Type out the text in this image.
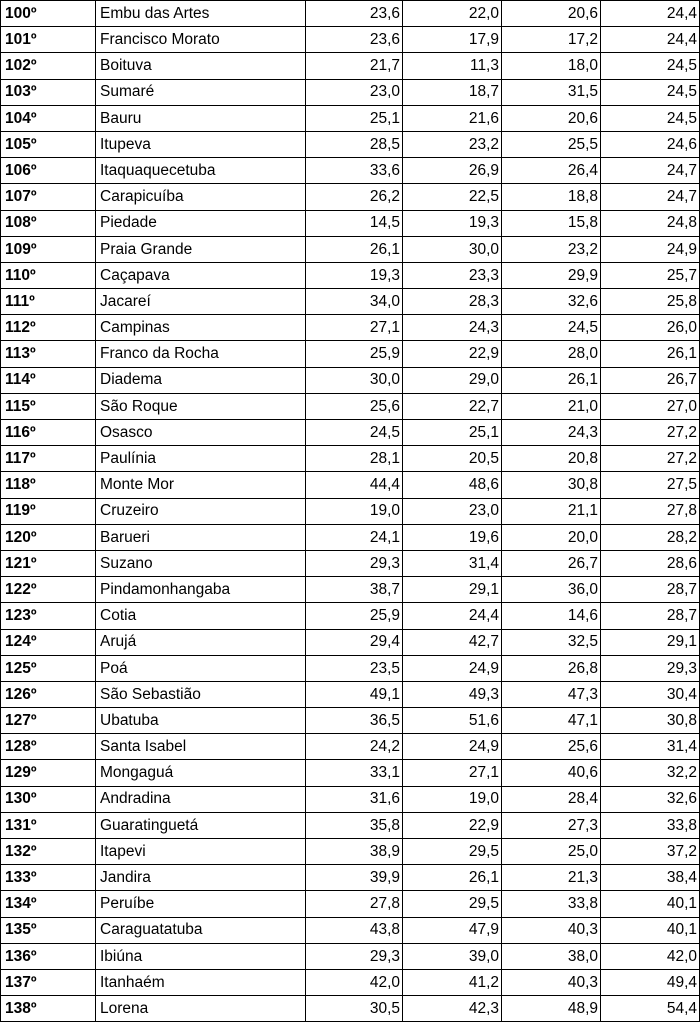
100º	Embu das Artes	23,6	22,0	20,6	24,4
101º	Francisco Morato	23,6	17,9	17,2	24,4
102º	Boituva	21,7	11,3	18,0	24,5
103º	Sumaré	23,0	18,7	31,5	24,5
104º	Bauru	25,1	21,6	20,6	24,5
105º	Itupeva	28,5	23,2	25,5	24,6
106º	Itaquaquecetuba	33,6	26,9	26,4	24,7
107º	Carapicuíba	26,2	22,5	18,8	24,7
108º	Piedade	14,5	19,3	15,8	24,8
109º	Praia Grande	26,1	30,0	23,2	24,9
110º	Caçapava	19,3	23,3	29,9	25,7
111º	Jacareí	34,0	28,3	32,6	25,8
112º	Campinas	27,1	24,3	24,5	26,0
113º	Franco da Rocha	25,9	22,9	28,0	26,1
114º	Diadema	30,0	29,0	26,1	26,7
115º	São Roque	25,6	22,7	21,0	27,0
116º	Osasco	24,5	25,1	24,3	27,2
117º	Paulínia	28,1	20,5	20,8	27,2
118º	Monte Mor	44,4	48,6	30,8	27,5
119º	Cruzeiro	19,0	23,0	21,1	27,8
120º	Barueri	24,1	19,6	20,0	28,2
121º	Suzano	29,3	31,4	26,7	28,6
122º	Pindamonhangaba	38,7	29,1	36,0	28,7
123º	Cotia	25,9	24,4	14,6	28,7
124º	Arujá	29,4	42,7	32,5	29,1
125º	Poá	23,5	24,9	26,8	29,3
126º	São Sebastião	49,1	49,3	47,3	30,4
127º	Ubatuba	36,5	51,6	47,1	30,8
128º	Santa Isabel	24,2	24,9	25,6	31,4
129º	Mongaguá	33,1	27,1	40,6	32,2
130º	Andradina	31,6	19,0	28,4	32,6
131º	Guaratinguetá	35,8	22,9	27,3	33,8
132º	Itapevi	38,9	29,5	25,0	37,2
133º	Jandira	39,9	26,1	21,3	38,4
134º	Peruíbe	27,8	29,5	33,8	40,1
135º	Caraguatatuba	43,8	47,9	40,3	40,1
136º	Ibiúna	29,3	39,0	38,0	42,0
137º	Itanhaém	42,0	41,2	40,3	49,4
138º	Lorena	30,5	42,3	48,9	54,4
